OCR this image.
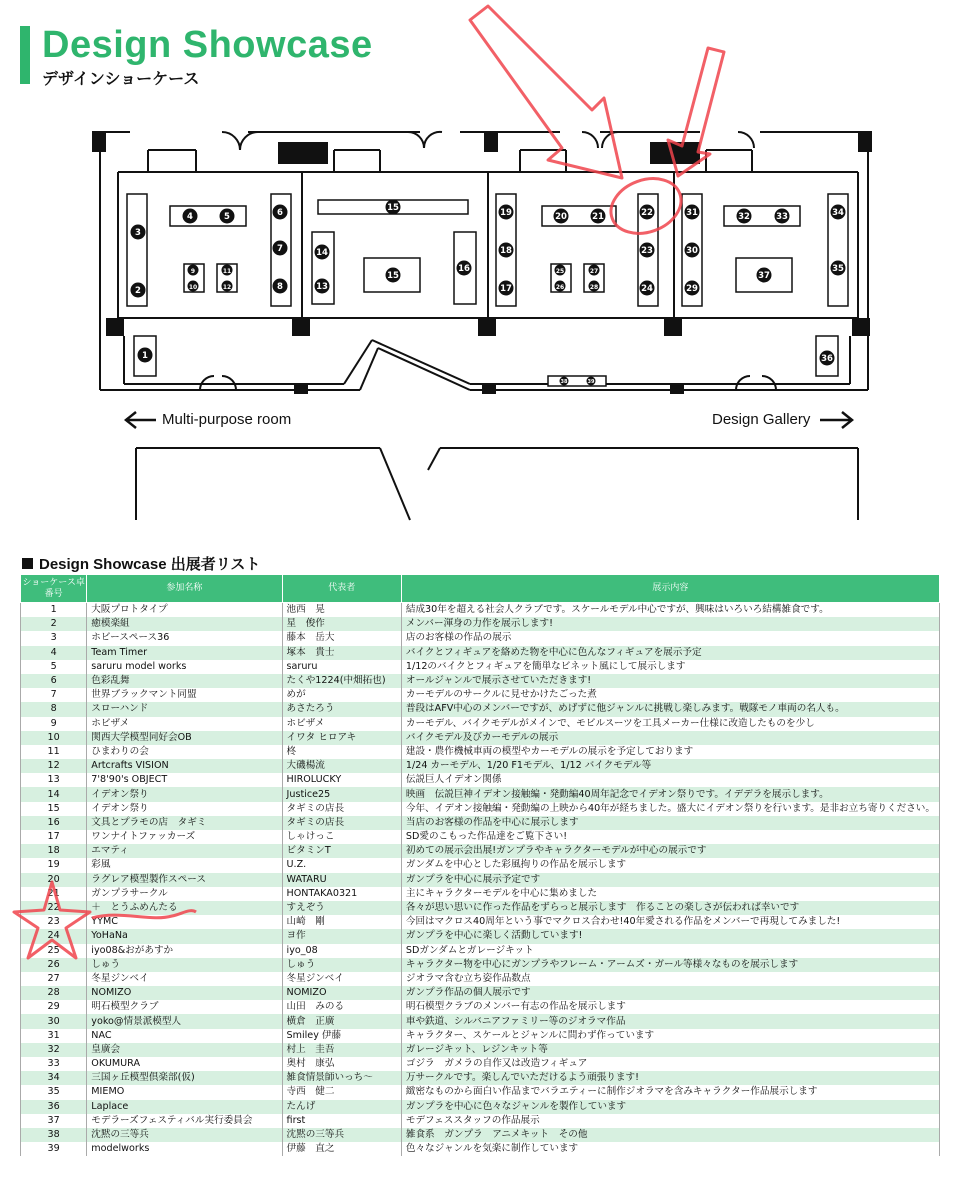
Design Showcase
デザインショーケース
1
3
2
4	5	6
7
8
9
10
11
12	13
14
15
15
16
19
18
17
20	21
25
26
27
28
22
23
24
31
30
29
32	33
37
34
35
36
38	39
Multi-purpose room	Design Gallery
Design Showcase 出展者リスト
ショーケース卓番号	参加名称	代表者	展示内容
1	大阪プロトタイプ	池西　晃	結成30年を超える社会人クラブです。スケールモデル中心ですが、興味はいろいろ結構雑食です。
2	癒模楽組	星　俊作	メンバー渾身の力作を展示します!
3	ホビースペース36	藤本　岳大	店のお客様の作品の展示
4	Team Timer	塚本　貴士	バイクとフィギュアを絡めた物を中心に色んなフィギュアを展示予定
5	saruru model works	saruru	1/12のバイクとフィギュアを簡単なビネット風にして展示します
6	色彩乱舞	たくや1224(中畑拓也)	オールジャンルで展示させていただきます!
7	世界ブラックマント同盟	めが	カーモデルのサークルに見せかけたごった煮
8	スローハンド	あさたろう	普段はAFV中心のメンバーですが、めげずに他ジャンルに挑戦し楽しみます。戦隊モノ車両の名人も。
9	ホビザメ	ホビザメ	カーモデル、バイクモデルがメインで、モビルスーツを工具メーカー仕様に改造したものを少し
10	関西大学模型同好会OB	イワタ ヒロアキ	バイクモデル及びカーモデルの展示
11	ひまわりの会	柊	建設・農作機械車両の模型やカーモデルの展示を予定しております
12	Artcrafts VISION	大磯楊流	1/24 カーモデル、1/20 F1モデル、1/12 バイクモデル等
13	7'8'90's OBJECT	HIROLUCKY	伝説巨人イデオン関係
14	イデオン祭り	Justice25	映画　伝説巨神イデオン接触編・発動編40周年記念でイデオン祭りです。イデデラを展示します。
15	イデオン祭り	タギミの店長	今年、イデオン接触編・発動編の上映から40年が経ちました。盛大にイデオン祭りを行います。是非お立ち寄りください。
16	文具とプラモの店　タギミ	タギミの店長	当店のお客様の作品を中心に展示します
17	ワンナイトファッカーズ	しゃけっこ	SD愛のこもった作品達をご覧下さい!
18	エマティ	ビタミンT	初めての展示会出展!ガンプラやキャラクターモデルが中心の展示です
19	彩風	U.Z.	ガンダムを中心とした彩風拘りの作品を展示します
20	ラグレア模型製作スペース	WATARU	ガンプラを中心に展示予定です
21	ガンプラサークル	HONTAKA0321	主にキャラクターモデルを中心に集めました
22	＋　とうふめんたる	すえぞう	各々が思い思いに作った作品をずらっと展示します　作ることの楽しさが伝われば幸いです
23	YYMC	山崎　剛	今回はマクロス40周年という事でマクロス合わせ!40年愛される作品をメンバーで再現してみました!
24	YoHaNa	ヨ作	ガンプラを中心に楽しく活動しています!
25	iyo08&おがあすか	iyo_08	SDガンダムとガレージキット
26	しゅう	しゅう	キャラクター物を中心にガンプラやフレーム・アームズ・ガール等様々なものを展示します
27	冬星ジンベイ	冬星ジンベイ	ジオラマ含む立ち姿作品数点
28	NOMIZO	NOMIZO	ガンプラ作品の個人展示です
29	明石模型クラブ	山田　みのる	明石模型クラブのメンバー有志の作品を展示します
30	yoko@情景派模型人	横倉　正廣	車や鉄道、シルバニアファミリー等のジオラマ作品
31	NAC	Smiley 伊藤	キャラクター、スケールとジャンルに問わず作っています
32	皇廣会	村上　圭吾	ガレージキット、レジンキット等
33	OKUMURA	奥村　康弘	ゴジラ　ガメラの自作又は改造フィギュア
34	三国ヶ丘模型倶楽部(仮)	雑食情景師いっち～	万サークルです。楽しんでいただけるよう頑張ります!
35	MIEMO	寺西　健二	緻密なものから面白い作品までバラエティーに制作ジオラマを含みキャラクター作品展示します
36	Laplace	たんげ	ガンプラを中心に色々なジャンルを製作しています
37	モデラーズフェスティバル実行委員会	first	モデフェススタッフの作品展示
38	沈黙の三等兵	沈黙の三等兵	雑食系　ガンプラ　アニメキット　その他
39	modelworks	伊藤　直之	色々なジャンルを気楽に制作しています
